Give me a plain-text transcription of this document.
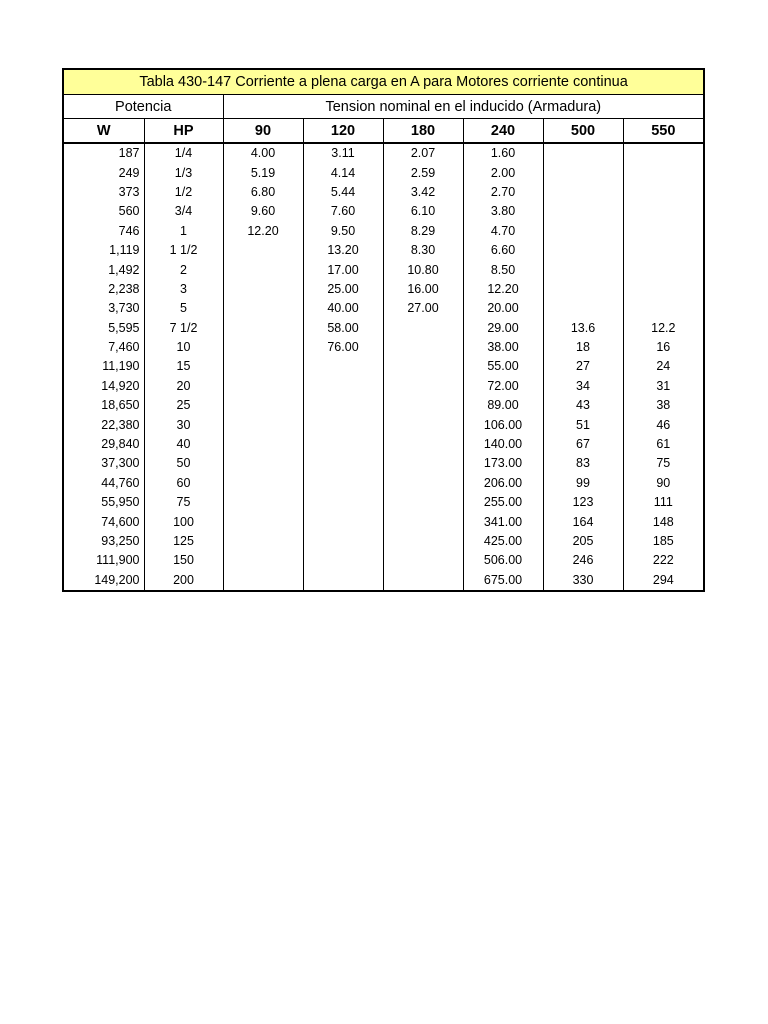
Tabla 430-147 Corriente a plena carga en A para Motores corriente continua							
Potencia		Tension nominal en el inducido (Armadura)					
W	HP	90	120	180	240	500	550
187	1/4	4.00	3.11	2.07	1.60		
249	1/3	5.19	4.14	2.59	2.00		
373	1/2	6.80	5.44	3.42	2.70		
560	3/4	9.60	7.60	6.10	3.80		
746	1	12.20	9.50	8.29	4.70		
1,119	1 1/2		13.20	8.30	6.60		
1,492	2		17.00	10.80	8.50		
2,238	3		25.00	16.00	12.20		
3,730	5		40.00	27.00	20.00		
5,595	7 1/2		58.00		29.00	13.6	12.2
7,460	10		76.00		38.00	18	16
11,190	15				55.00	27	24
14,920	20				72.00	34	31
18,650	25				89.00	43	38
22,380	30				106.00	51	46
29,840	40				140.00	67	61
37,300	50				173.00	83	75
44,760	60				206.00	99	90
55,950	75				255.00	123	111
74,600	100				341.00	164	148
93,250	125				425.00	205	185
111,900	150				506.00	246	222
149,200	200				675.00	330	294
